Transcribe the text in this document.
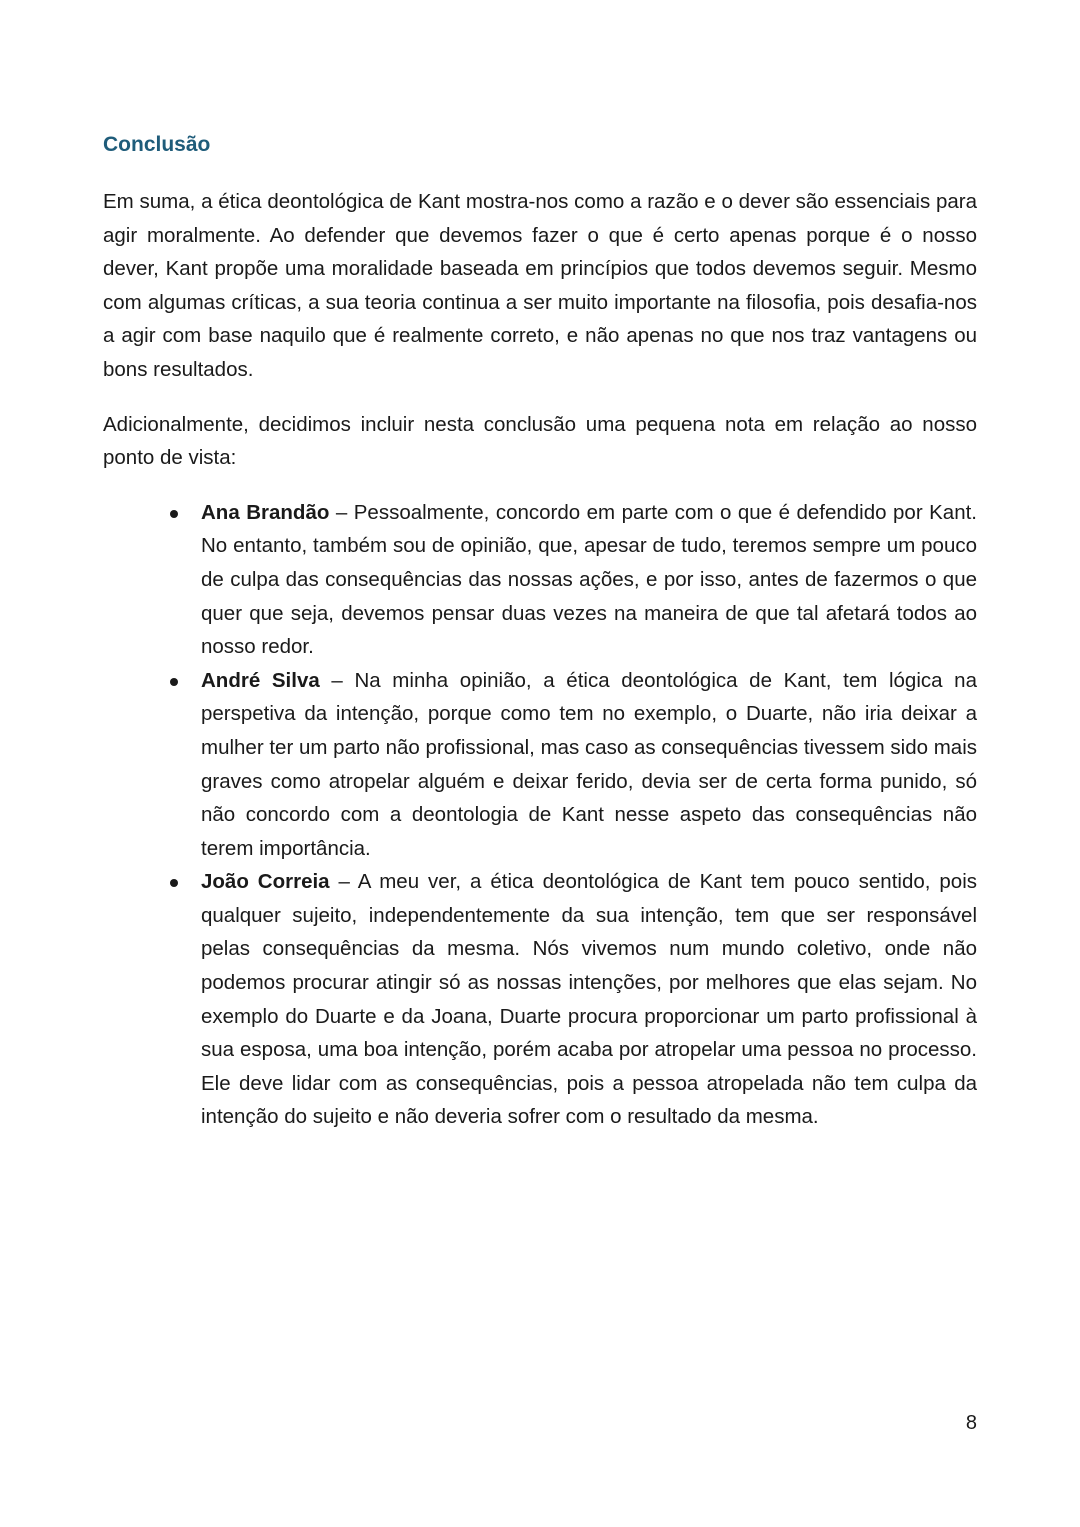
Conclusão

Em suma, a ética deontológica de Kant mostra-nos como a razão e o dever são essenciais para agir moralmente. Ao defender que devemos fazer o que é certo apenas porque é o nosso dever, Kant propõe uma moralidade baseada em princípios que todos devemos seguir. Mesmo com algumas críticas, a sua teoria continua a ser muito importante na filosofia, pois desafia-nos a agir com base naquilo que é realmente correto, e não apenas no que nos traz vantagens ou bons resultados.

Adicionalmente, decidimos incluir nesta conclusão uma pequena nota em relação ao nosso ponto de vista:

Ana Brandão – Pessoalmente, concordo em parte com o que é defendido por Kant. No entanto, também sou de opinião, que, apesar de tudo, teremos sempre um pouco de culpa das consequências das nossas ações, e por isso, antes de fazermos o que quer que seja, devemos pensar duas vezes na maneira de que tal afetará todos ao nosso redor.
André Silva – Na minha opinião, a ética deontológica de Kant, tem lógica na perspetiva da intenção, porque como tem no exemplo, o Duarte, não iria deixar a mulher ter um parto não profissional, mas caso as consequências tivessem sido mais graves como atropelar alguém e deixar ferido, devia ser de certa forma punido, só não concordo com a deontologia de Kant nesse aspeto das consequências não terem importância.
João Correia – A meu ver, a ética deontológica de Kant tem pouco sentido, pois qualquer sujeito, independentemente da sua intenção, tem que ser responsável pelas consequências da mesma. Nós vivemos num mundo coletivo, onde não podemos procurar atingir só as nossas intenções, por melhores que elas sejam. No exemplo do Duarte e da Joana, Duarte procura proporcionar um parto profissional à sua esposa, uma boa intenção, porém acaba por atropelar uma pessoa no processo. Ele deve lidar com as consequências, pois a pessoa atropelada não tem culpa da intenção do sujeito e não deveria sofrer com o resultado da mesma.
8
